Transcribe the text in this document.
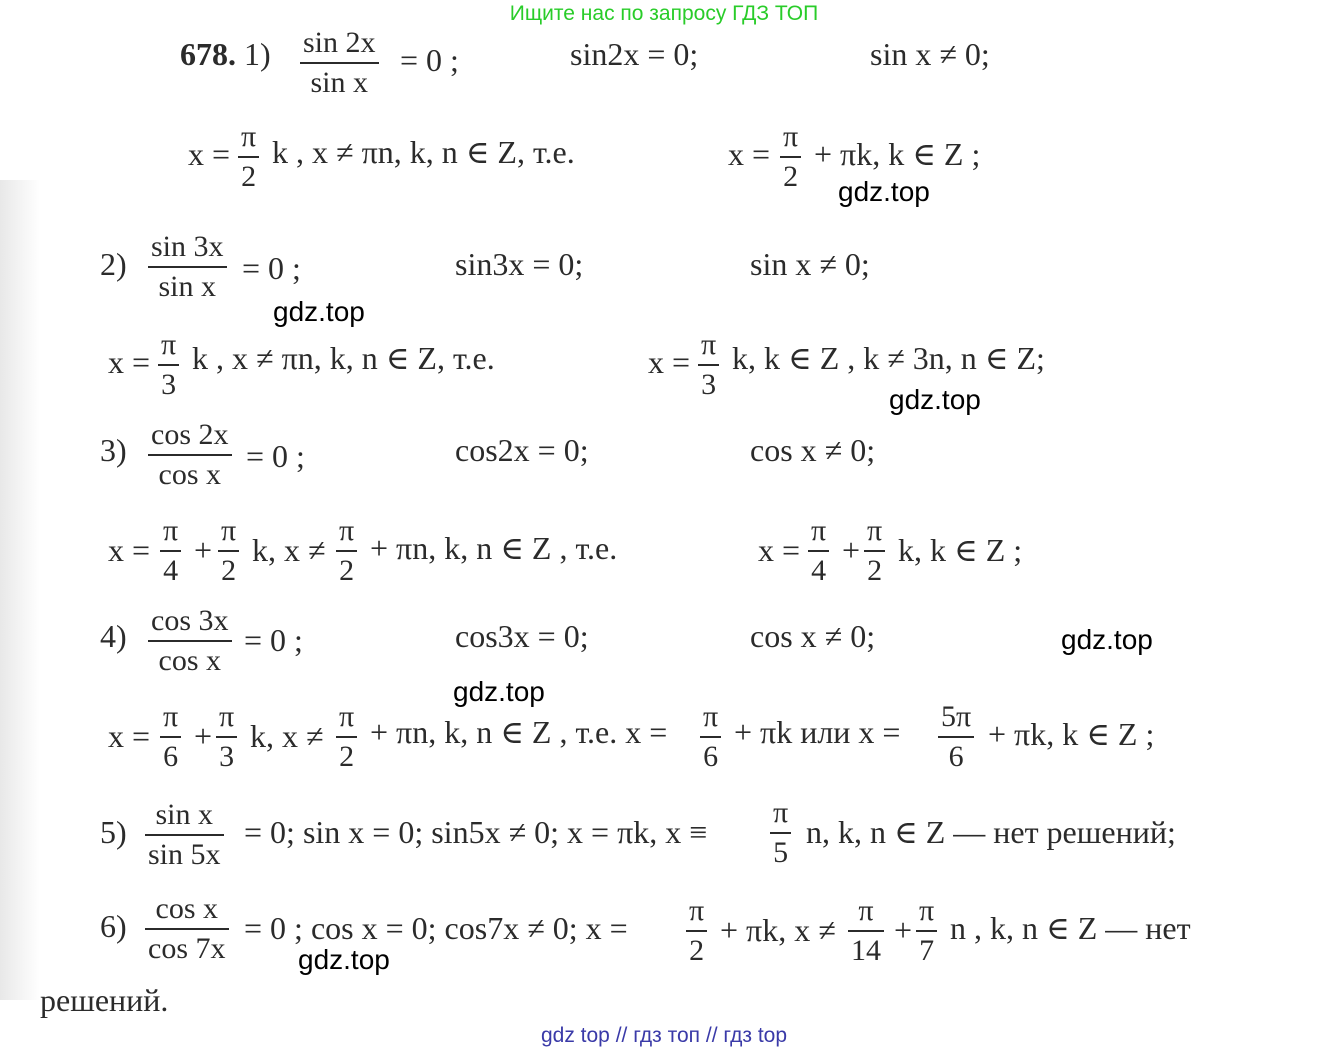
Ищите нас по запросу ГДЗ ТОП
678. 1) sin 2x
sin x
= 0 ;	sin2x = 0;	sin x ≠ 0;
x = π
2
k , x ≠ πn, k, n ∈ Z, т.е.	x = π
2
+ πk, k ∈ Z ;
gdz.top
2) sin 3x
sin x
= 0 ;	sin3x = 0;	sin x ≠ 0;
gdz.top
x = π
3
k , x ≠ πn, k, n ∈ Z, т.е.	x = π
3
k, k ∈ Z , k ≠ 3n, n ∈ Z;
gdz.top
3) cos 2x
cos x
= 0 ;	cos2x = 0;	cos x ≠ 0;
x =
π
4
+
π
2
k, x ≠
π
2
+ πn, k, n ∈ Z , т.е.	x =
π
4
+
π
2
k, k ∈ Z ;
4) cos 3x
cos x
= 0 ;	cos3x = 0;	cos x ≠ 0;	gdz.top
gdz.top
x =
π
6
+
π
3
k, x ≠
π
2
+ πn, k, n ∈ Z , т.е. x = π
6
+ πk или x = 5π
6
+ πk, k ∈ Z ;
5) sin x
sin 5x
= 0; sin x = 0; sin5x ≠ 0; x = πk, x ≡
π
5
n, k, n ∈ Z — нет решений;
6) cos x
cos 7x
= 0 ; cos x = 0; cos7x ≠ 0; x = π
2
+ πk, x ≠
π
14
+
π
7
n , k, n ∈ Z — нет
gdz.top
решений.
gdz top // гдз топ // гдз top
